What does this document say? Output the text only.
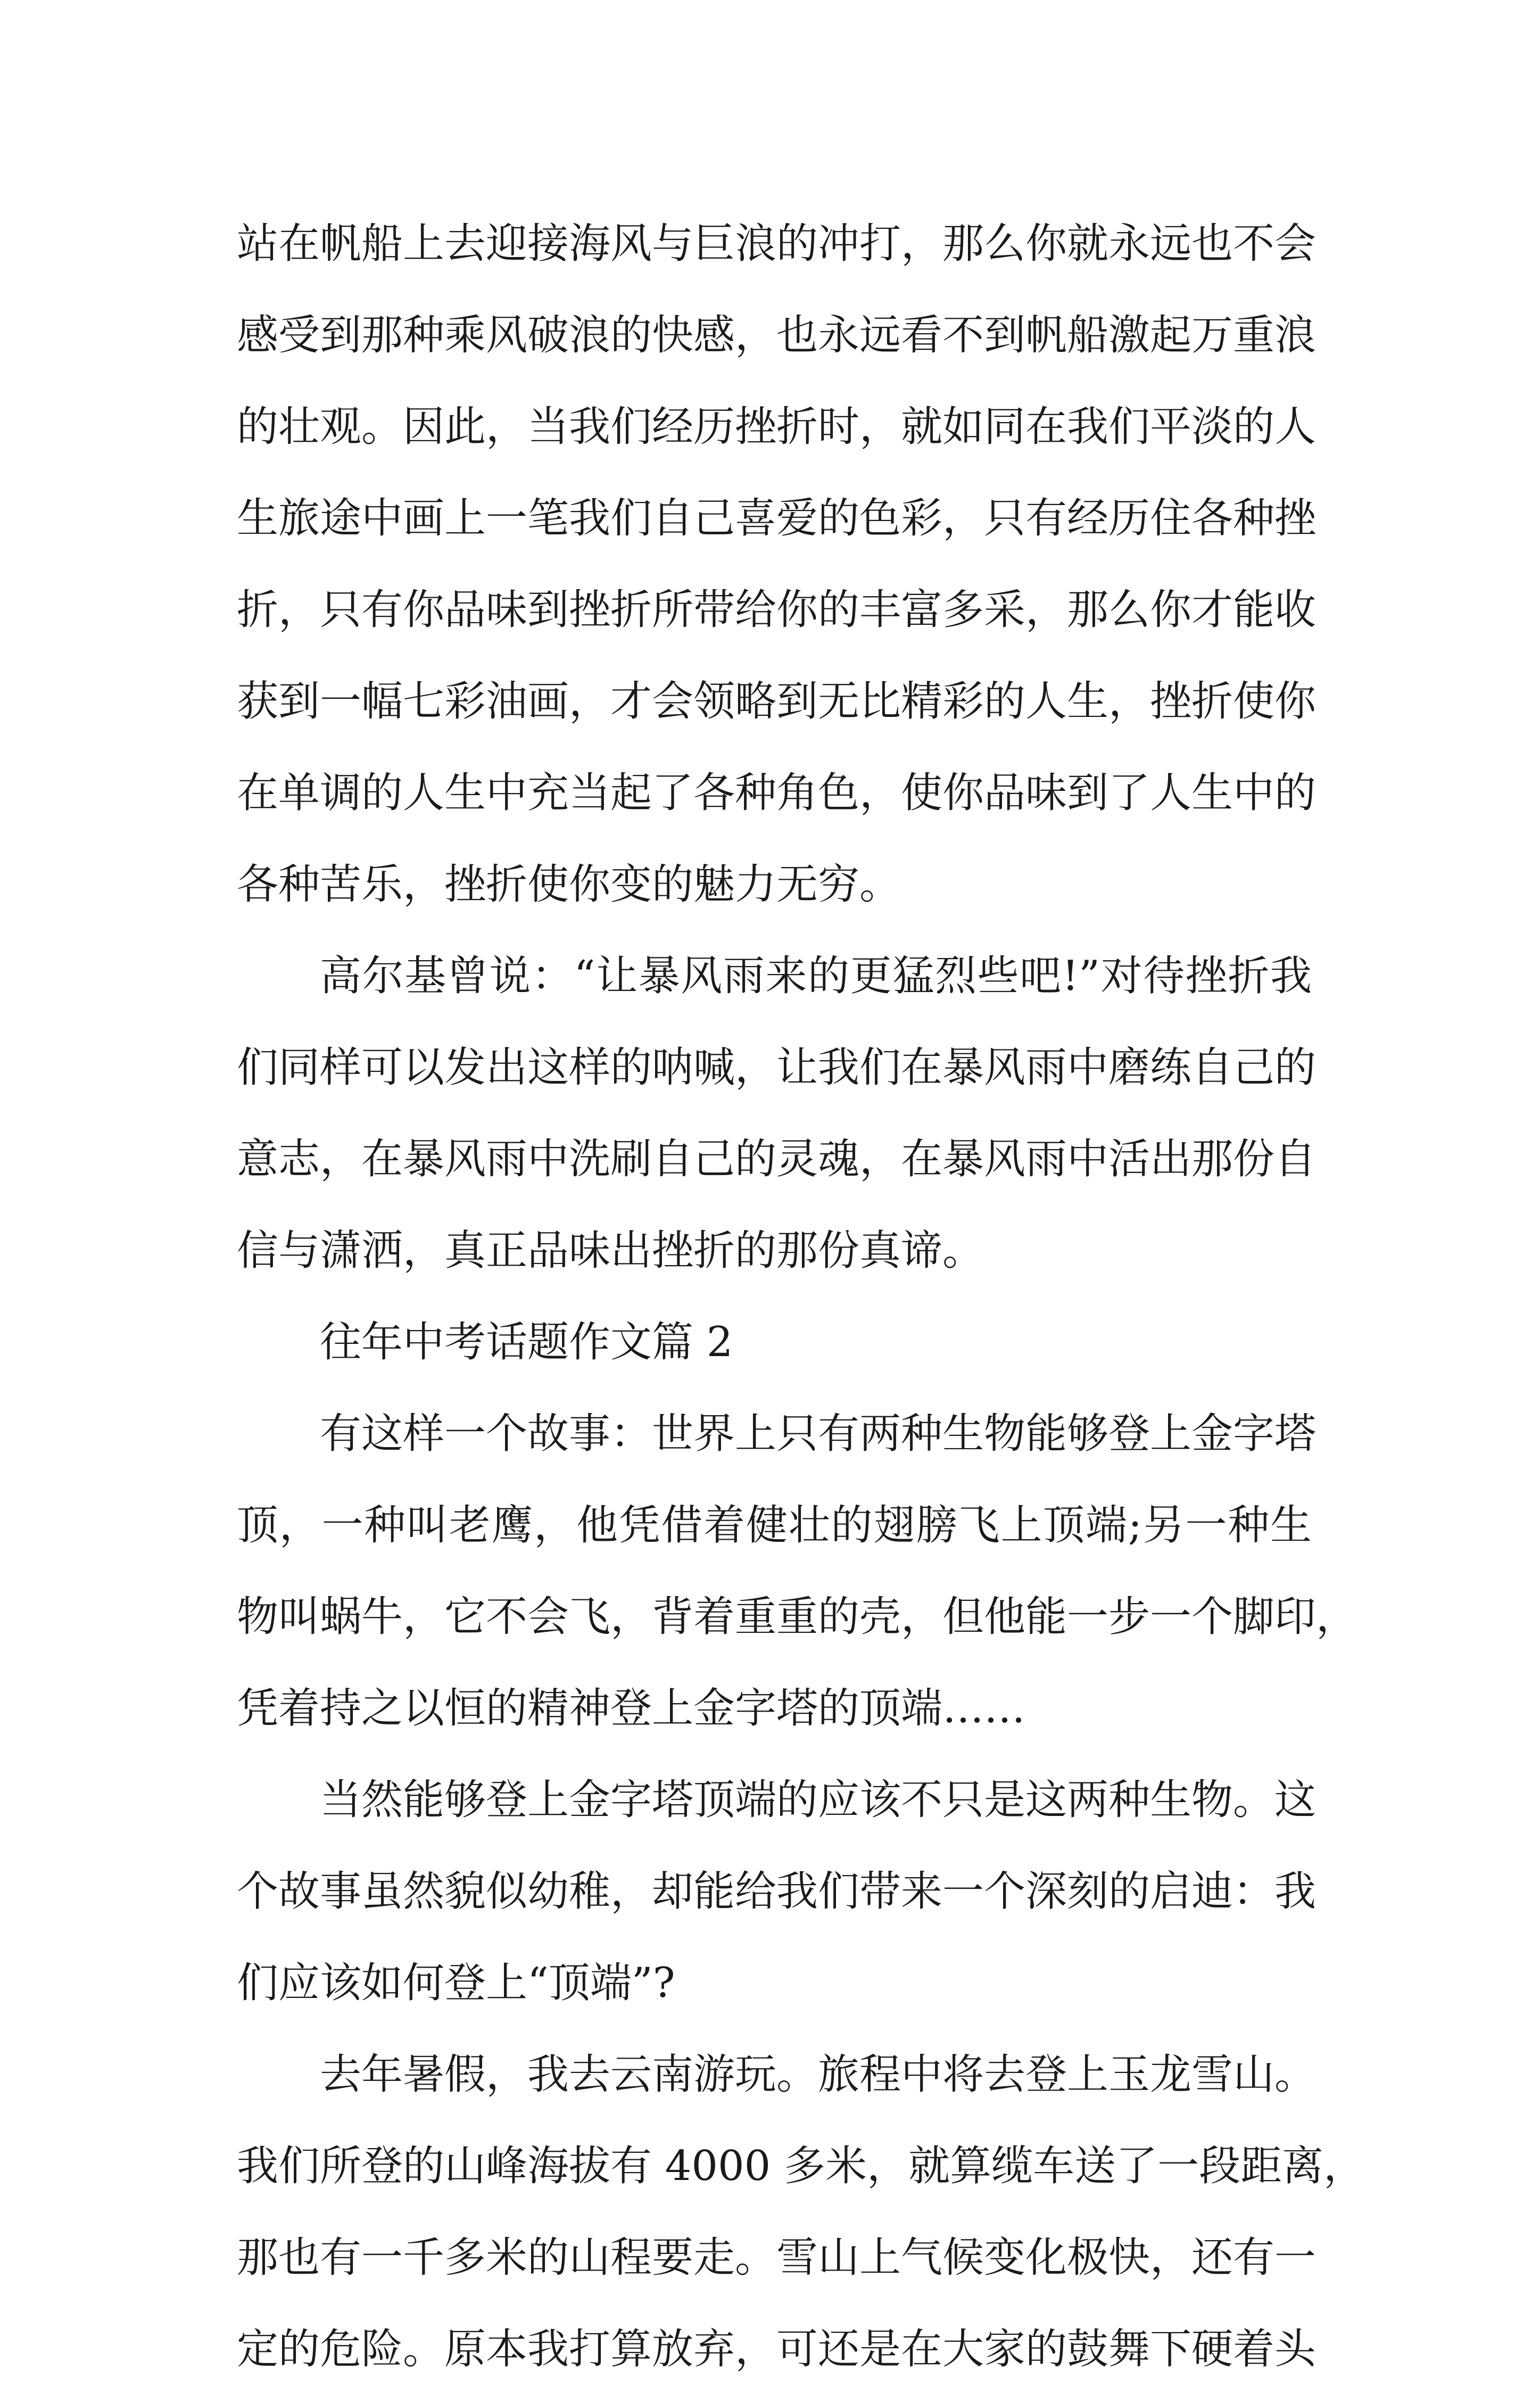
站在帆船上去迎接海风与巨浪的冲打，那么你就永远也不会
感受到那种乘风破浪的快感，也永远看不到帆船激起万重浪
的壮观。因此，当我们经历挫折时，就如同在我们平淡的人
生旅途中画上一笔我们自己喜爱的色彩，只有经历住各种挫
折，只有你品味到挫折所带给你的丰富多采，那么你才能收
获到一幅七彩油画，才会领略到无比精彩的人生，挫折使你
在单调的人生中充当起了各种角色，使你品味到了人生中的
各种苦乐，挫折使你变的魅力无穷。
高尔基曾说：“让暴风雨来的更猛烈些吧!”对待挫折我
们同样可以发出这样的呐喊，让我们在暴风雨中磨练自己的
意志，在暴风雨中洗刷自己的灵魂，在暴风雨中活出那份自
信与潇洒，真正品味出挫折的那份真谛。
往年中考话题作文篇 2
有这样一个故事：世界上只有两种生物能够登上金字塔
顶，一种叫老鹰，他凭借着健壮的翅膀飞上顶端;另一种生
物叫蜗牛，它不会飞，背着重重的壳，但他能一步一个脚印，
凭着持之以恒的精神登上金字塔的顶端……
当然能够登上金字塔顶端的应该不只是这两种生物。这
个故事虽然貌似幼稚，却能给我们带来一个深刻的启迪：我
们应该如何登上“顶端”?
去年暑假，我去云南游玩。旅程中将去登上玉龙雪山。
我们所登的山峰海拔有 4000 多米，就算缆车送了一段距离，
那也有一千多米的山程要走。雪山上气候变化极快，还有一
定的危险。原本我打算放弃，可还是在大家的鼓舞下硬着头
